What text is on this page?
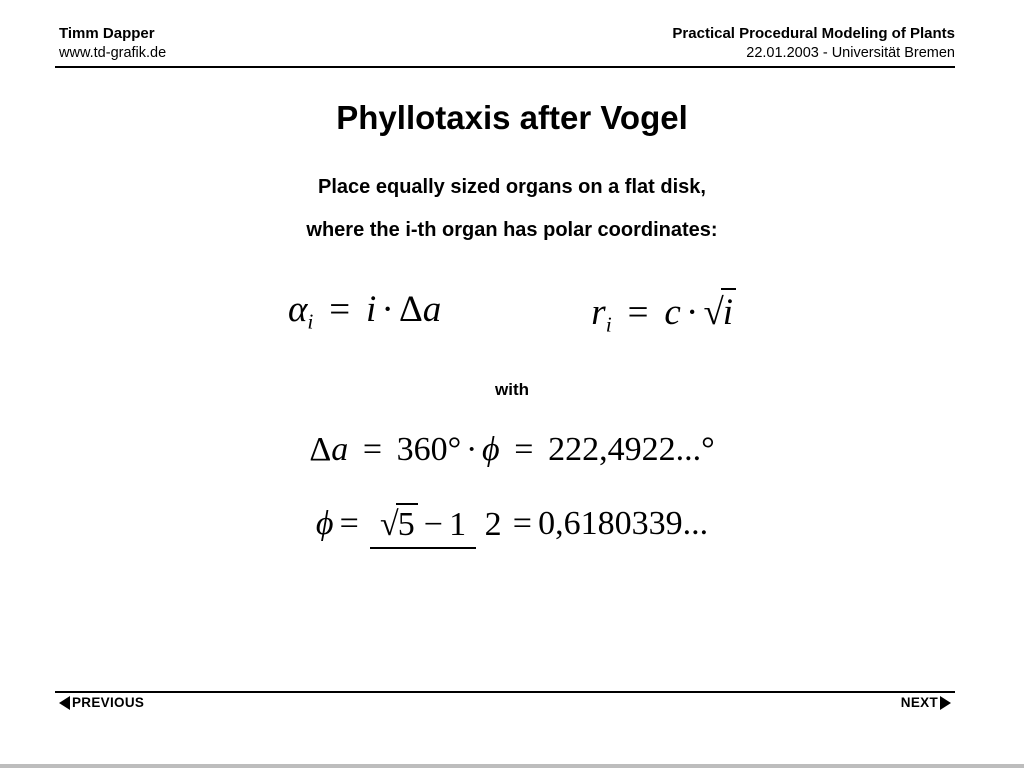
Timm Dapper
www.td-grafik.de
Practical Procedural Modeling of Plants
22.01.2003 - Universität Bremen
Phyllotaxis after Vogel
Place equally sized organs on a flat disk,
where the i-th organ has polar coordinates:
$\alpha_i = i \cdot \Delta a$	$r_i = c \cdot √i$
with
Δa = 360° · ϕ = 222,4922...°
ϕ = √5 − 1 2 = 0,6180339...
PREVIOUS	NEXT
